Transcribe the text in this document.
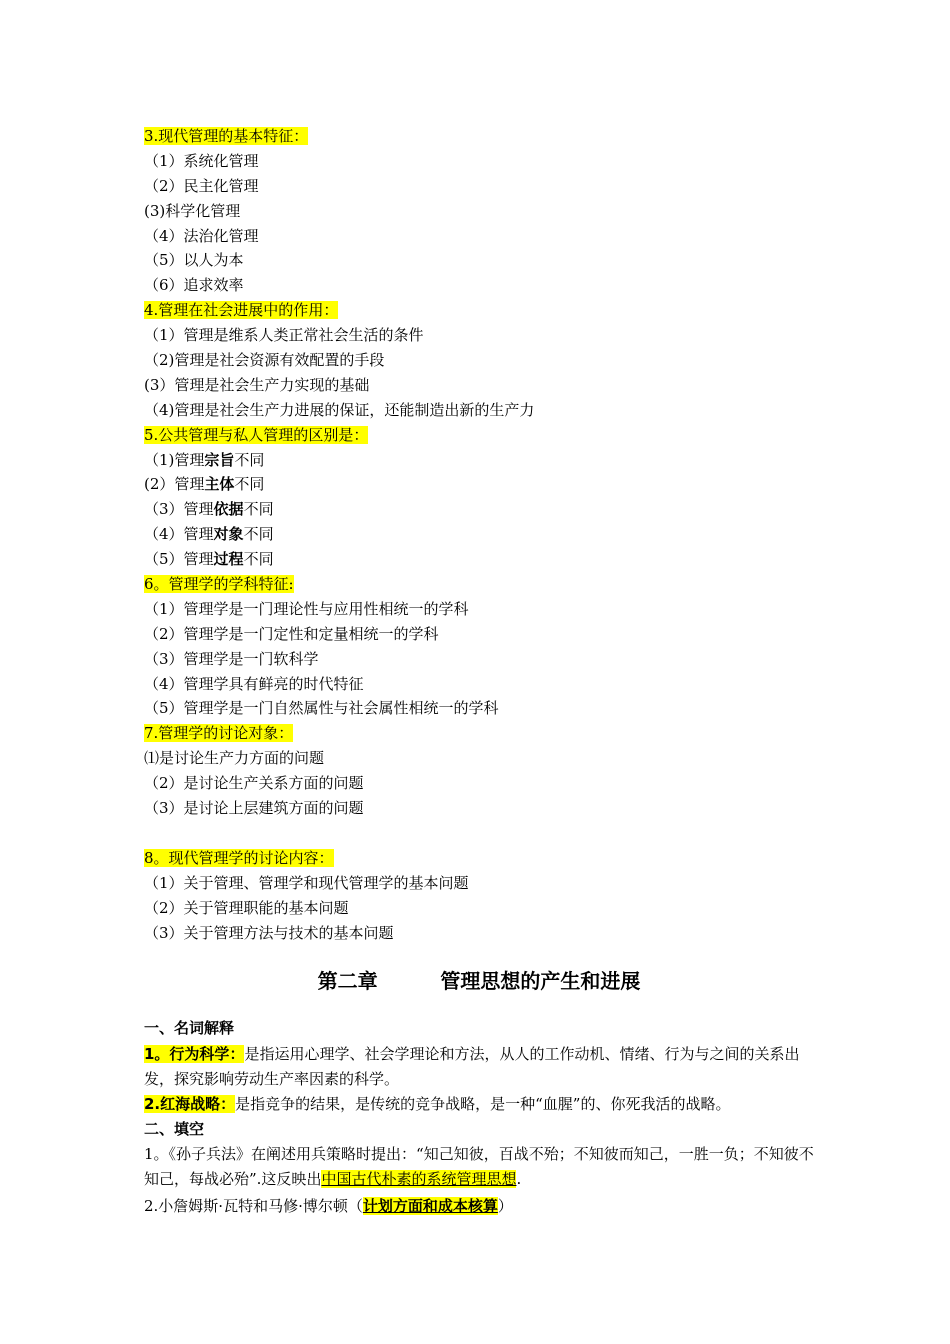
3.现代管理的基本特征：
（1）系统化管理
（2）民主化管理
(3)科学化管理
（4）法治化管理
（5）以人为本
（6）追求效率
4.管理在社会进展中的作用：
（1）管理是维系人类正常社会生活的条件
（2)管理是社会资源有效配置的手段
(3）管理是社会生产力实现的基础
（4)管理是社会生产力进展的保证，还能制造出新的生产力
5.公共管理与私人管理的区别是：
（1)管理宗旨不同
(2）管理主体不同
（3）管理依据不同
（4）管理对象不同
（5）管理过程不同
6。管理学的学科特征:
（1）管理学是一门理论性与应用性相统一的学科
（2）管理学是一门定性和定量相统一的学科
（3）管理学是一门软科学
（4）管理学具有鲜亮的时代特征
（5）管理学是一门自然属性与社会属性相统一的学科
7.管理学的讨论对象：
⑴是讨论生产力方面的问题
（2）是讨论生产关系方面的问题
（3）是讨论上层建筑方面的问题
8。现代管理学的讨论内容：
（1）关于管理、管理学和现代管理学的基本问题
（2）关于管理职能的基本问题
（3）关于管理方法与技术的基本问题
第二章         管理思想的产生和进展
一、名词解释
1。行为科学：是指运用心理学、社会学理论和方法，从人的工作动机、情绪、行为与之间的关系出发，探究影响劳动生产率因素的科学。
2.红海战略：是指竞争的结果，是传统的竞争战略，是一种“血腥”的、你死我活的战略。
二、填空
1。《孙子兵法》在阐述用兵策略时提出：“知己知彼，百战不殆；不知彼而知己，一胜一负；不知彼不知己，每战必殆”.这反映出中国古代朴素的系统管理思想.
2.小詹姆斯·瓦特和马修·博尔顿（计划方面和成本核算）
